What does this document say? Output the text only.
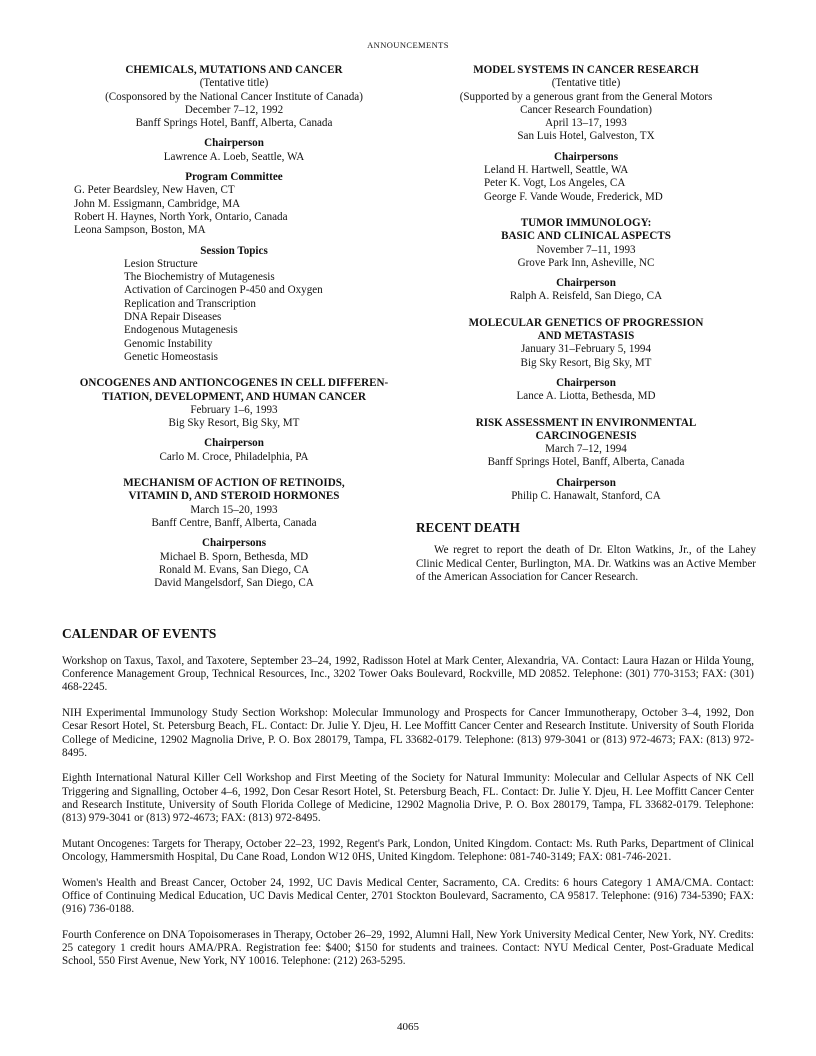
ANNOUNCEMENTS
CHEMICALS, MUTATIONS AND CANCER
(Tentative title)
(Cosponsored by the National Cancer Institute of Canada)
December 7–12, 1992
Banff Springs Hotel, Banff, Alberta, Canada
Chairperson
Lawrence A. Loeb, Seattle, WA
Program Committee
G. Peter Beardsley, New Haven, CT
John M. Essigmann, Cambridge, MA
Robert H. Haynes, North York, Ontario, Canada
Leona Sampson, Boston, MA
Session Topics
Lesion Structure
The Biochemistry of Mutagenesis
Activation of Carcinogen P-450 and Oxygen
Replication and Transcription
DNA Repair Diseases
Endogenous Mutagenesis
Genomic Instability
Genetic Homeostasis
ONCOGENES AND ANTIONCOGENES IN CELL DIFFEREN-
TIATION, DEVELOPMENT, AND HUMAN CANCER
February 1–6, 1993
Big Sky Resort, Big Sky, MT
Chairperson
Carlo M. Croce, Philadelphia, PA
MECHANISM OF ACTION OF RETINOIDS,
VITAMIN D, AND STEROID HORMONES
March 15–20, 1993
Banff Centre, Banff, Alberta, Canada
Chairpersons
Michael B. Sporn, Bethesda, MD
Ronald M. Evans, San Diego, CA
David Mangelsdorf, San Diego, CA
MODEL SYSTEMS IN CANCER RESEARCH
(Tentative title)
(Supported by a generous grant from the General Motors
Cancer Research Foundation)
April 13–17, 1993
San Luis Hotel, Galveston, TX
Chairpersons
Leland H. Hartwell, Seattle, WA
Peter K. Vogt, Los Angeles, CA
George F. Vande Woude, Frederick, MD
TUMOR IMMUNOLOGY:
BASIC AND CLINICAL ASPECTS
November 7–11, 1993
Grove Park Inn, Asheville, NC
Chairperson
Ralph A. Reisfeld, San Diego, CA
MOLECULAR GENETICS OF PROGRESSION
AND METASTASIS
January 31–February 5, 1994
Big Sky Resort, Big Sky, MT
Chairperson
Lance A. Liotta, Bethesda, MD
RISK ASSESSMENT IN ENVIRONMENTAL
CARCINOGENESIS
March 7–12, 1994
Banff Springs Hotel, Banff, Alberta, Canada
Chairperson
Philip C. Hanawalt, Stanford, CA
RECENT DEATH
We regret to report the death of Dr. Elton Watkins, Jr., of the Lahey Clinic Medical Center, Burlington, MA. Dr. Watkins was an Active Member of the American Association for Cancer Research.
CALENDAR OF EVENTS
Workshop on Taxus, Taxol, and Taxotere, September 23–24, 1992, Radisson Hotel at Mark Center, Alexandria, VA. Contact: Laura Hazan or Hilda Young, Conference Management Group, Technical Resources, Inc., 3202 Tower Oaks Boulevard, Rockville, MD 20852. Telephone: (301) 770-3153; FAX: (301) 468-2245.
NIH Experimental Immunology Study Section Workshop: Molecular Immunology and Prospects for Cancer Immunotherapy, October 3–4, 1992, Don Cesar Resort Hotel, St. Petersburg Beach, FL. Contact: Dr. Julie Y. Djeu, H. Lee Moffitt Cancer Center and Research Institute. University of South Florida College of Medicine, 12902 Magnolia Drive, P. O. Box 280179, Tampa, FL 33682-0179. Telephone: (813) 979-3041 or (813) 972-4673; FAX: (813) 972-8495.
Eighth International Natural Killer Cell Workshop and First Meeting of the Society for Natural Immunity: Molecular and Cellular Aspects of NK Cell Triggering and Signalling, October 4–6, 1992, Don Cesar Resort Hotel, St. Petersburg Beach, FL. Contact: Dr. Julie Y. Djeu, H. Lee Moffitt Cancer Center and Research Institute, University of South Florida College of Medicine, 12902 Magnolia Drive, P. O. Box 280179, Tampa, FL 33682-0179. Telephone: (813) 979-3041 or (813) 972-4673; FAX: (813) 972-8495.
Mutant Oncogenes: Targets for Therapy, October 22–23, 1992, Regent's Park, London, United Kingdom. Contact: Ms. Ruth Parks, Department of Clinical Oncology, Hammersmith Hospital, Du Cane Road, London W12 0HS, United Kingdom. Telephone: 081-740-3149; FAX: 081-746-2021.
Women's Health and Breast Cancer, October 24, 1992, UC Davis Medical Center, Sacramento, CA. Credits: 6 hours Category 1 AMA/CMA. Contact: Office of Continuing Medical Education, UC Davis Medical Center, 2701 Stockton Boulevard, Sacramento, CA 95817. Telephone: (916) 734-5390; FAX: (916) 736-0188.
Fourth Conference on DNA Topoisomerases in Therapy, October 26–29, 1992, Alumni Hall, New York University Medical Center, New York, NY. Credits: 25 category 1 credit hours AMA/PRA. Registration fee: $400; $150 for students and trainees. Contact: NYU Medical Center, Post-Graduate Medical School, 550 First Avenue, New York, NY 10016. Telephone: (212) 263-5295.
4065
